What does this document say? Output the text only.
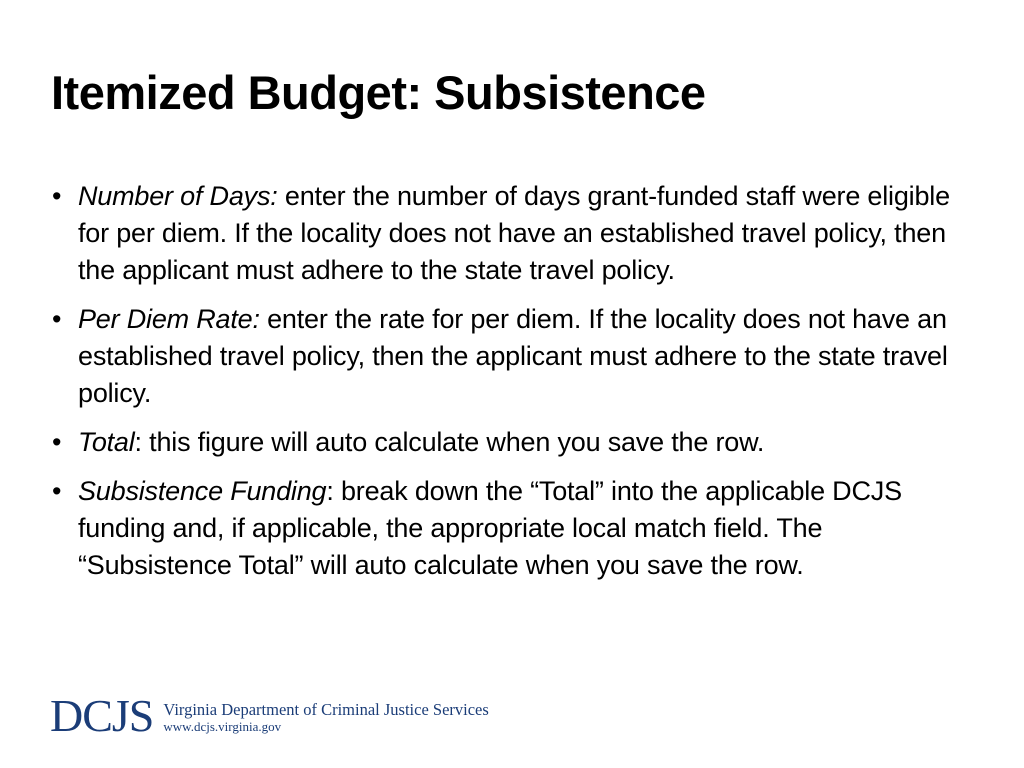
Itemized Budget: Subsistence
• Number of Days: enter the number of days grant-funded staff were eligible for per diem. If the locality does not have an established travel policy, then the applicant must adhere to the state travel policy.
• Per Diem Rate: enter the rate for per diem. If the locality does not have an established travel policy, then the applicant must adhere to the state travel policy.
• Total: this figure will auto calculate when you save the row.
• Subsistence Funding: break down the “Total” into the applicable DCJS funding and, if applicable, the appropriate local match field. The “Subsistence Total” will auto calculate when you save the row.
DCJS Virginia Department of Criminal Justice Services
www.dcjs.virginia.gov
